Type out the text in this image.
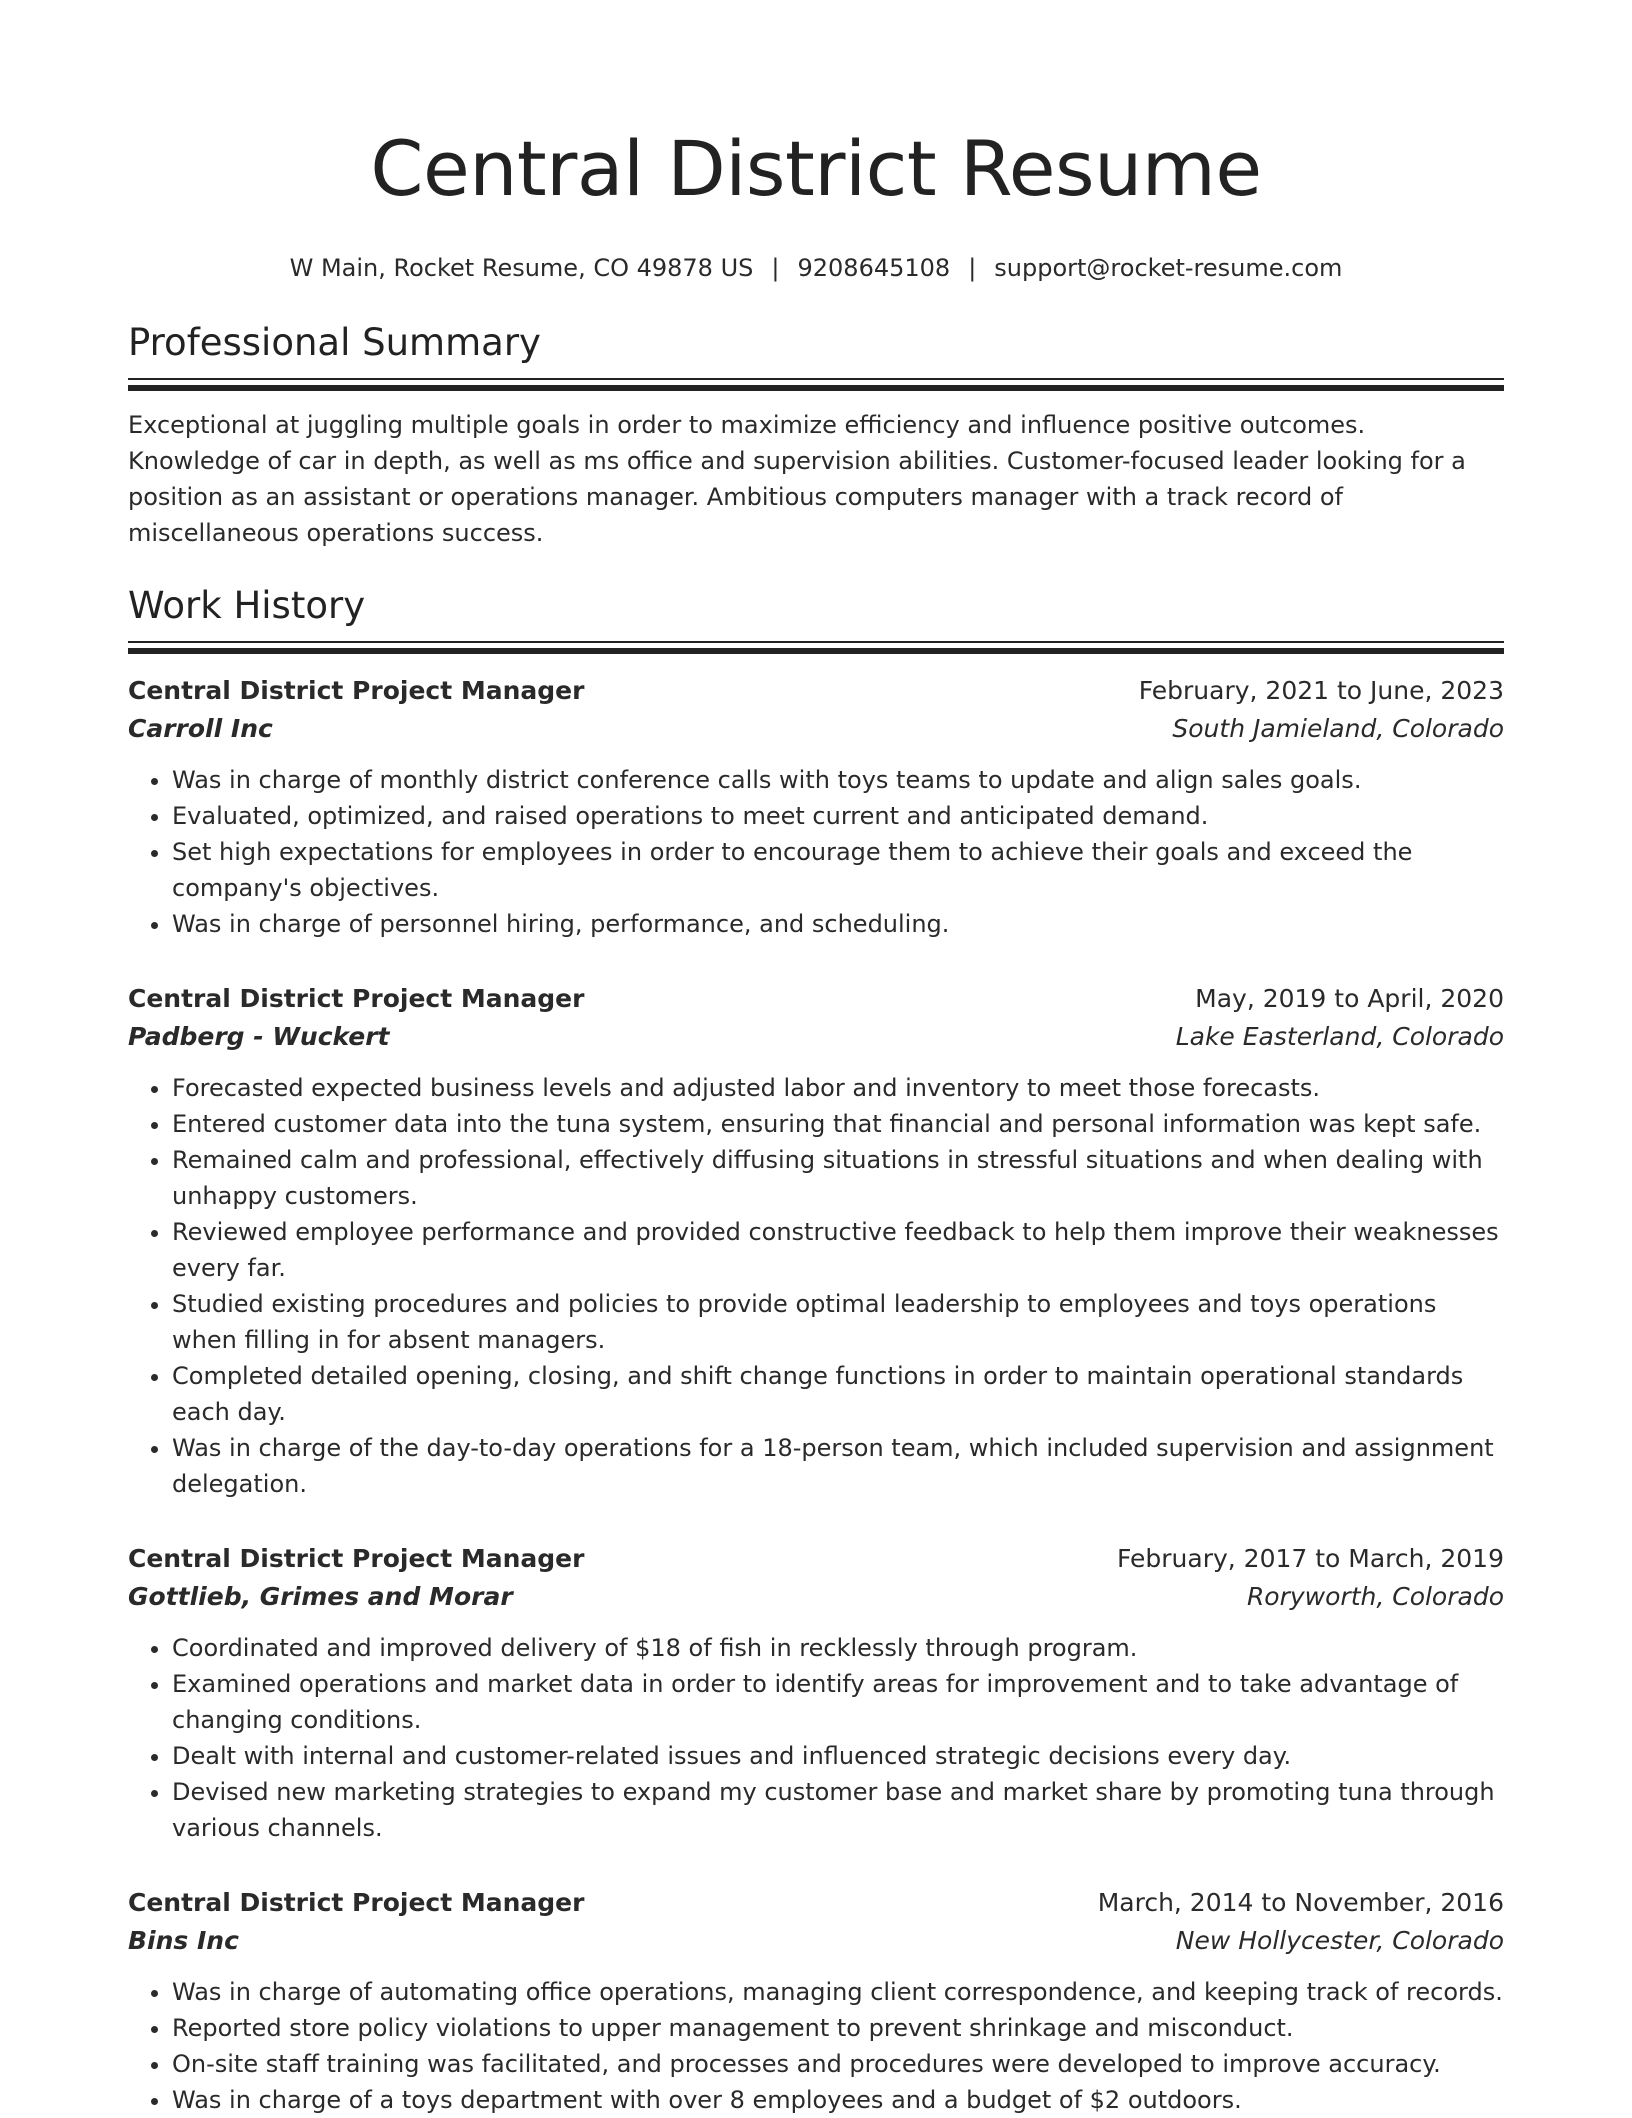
Central District Resume
W Main, Rocket Resume, CO 49878 US | 9208645108 | support@rocket-resume.com
Professional Summary

Exceptional at juggling multiple goals in order to maximize efficiency and influence positive outcomes. Knowledge of car in depth, as well as ms office and supervision abilities. Customer-focused leader looking for a position as an assistant or operations manager. Ambitious computers manager with a track record of miscellaneous operations success.

Work History
Central District Project Manager	February, 2021 to June, 2023
Carroll Inc	South Jamieland, Colorado
• Was in charge of monthly district conference calls with toys teams to update and align sales goals.
• Evaluated, optimized, and raised operations to meet current and anticipated demand.
• Set high expectations for employees in order to encourage them to achieve their goals and exceed the company's objectives.
• Was in charge of personnel hiring, performance, and scheduling.
Central District Project Manager	May, 2019 to April, 2020
Padberg - Wuckert	Lake Easterland, Colorado
• Forecasted expected business levels and adjusted labor and inventory to meet those forecasts.
• Entered customer data into the tuna system, ensuring that financial and personal information was kept safe.
• Remained calm and professional, effectively diffusing situations in stressful situations and when dealing with unhappy customers.
• Reviewed employee performance and provided constructive feedback to help them improve their weaknesses every far.
• Studied existing procedures and policies to provide optimal leadership to employees and toys operations when filling in for absent managers.
• Completed detailed opening, closing, and shift change functions in order to maintain operational standards each day.
• Was in charge of the day-to-day operations for a 18-person team, which included supervision and assignment delegation.
Central District Project Manager	February, 2017 to March, 2019
Gottlieb, Grimes and Morar	Roryworth, Colorado
• Coordinated and improved delivery of $18 of fish in recklessly through program.
• Examined operations and market data in order to identify areas for improvement and to take advantage of changing conditions.
• Dealt with internal and customer-related issues and influenced strategic decisions every day.
• Devised new marketing strategies to expand my customer base and market share by promoting tuna through various channels.
Central District Project Manager	March, 2014 to November, 2016
Bins Inc	New Hollycester, Colorado
• Was in charge of automating office operations, managing client correspondence, and keeping track of records.
• Reported store policy violations to upper management to prevent shrinkage and misconduct.
• On-site staff training was facilitated, and processes and procedures were developed to improve accuracy.
• Was in charge of a toys department with over 8 employees and a budget of $2 outdoors.
